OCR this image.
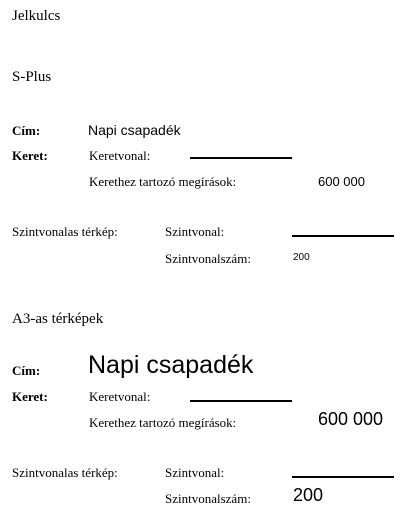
Jelkulcs
S-Plus
Cím:	Napi csapadék
Keret:	Keretvonal:
Kerethez tartozó megírások:	600 000
Szintvonalas térkép:	Szintvonal:
Szintvonalszám:	200
A3-as térképek
Cím: Napi csapadék
Keret:	Keretvonal:
Kerethez tartozó megírások:	600 000
Szintvonalas térkép:	Szintvonal:
Szintvonalszám: 200
